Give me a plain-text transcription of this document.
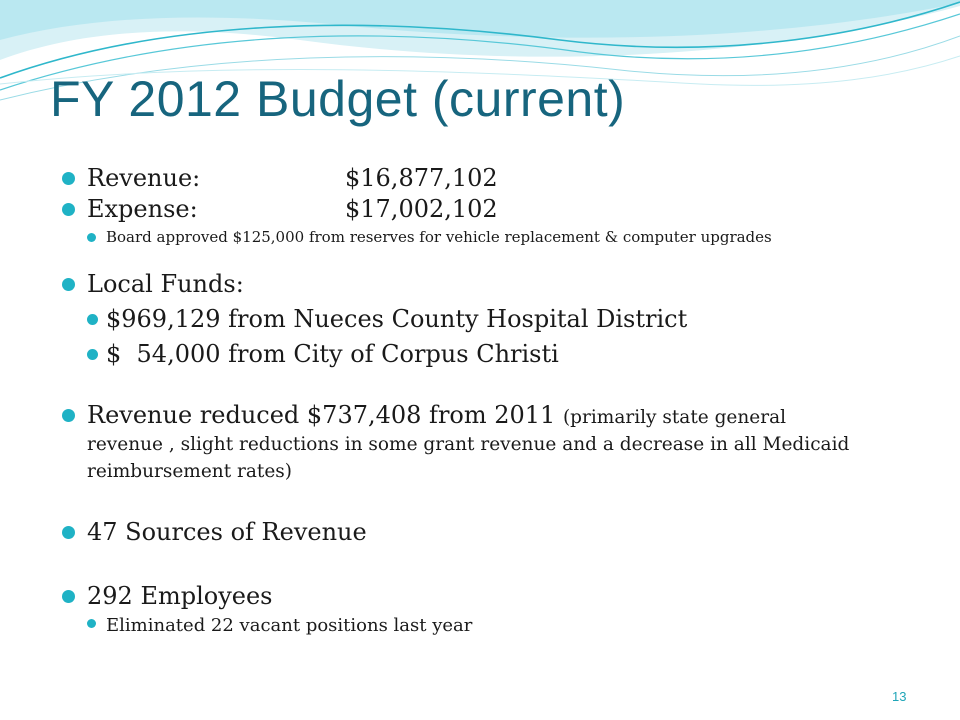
FY 2012 Budget (current)
Revenue:	$16,877,102
Expense:	$17,002,102
Board approved $125,000 from reserves for vehicle replacement & computer upgrades
Local Funds:
$969,129 from Nueces County Hospital District
$  54,000 from City of Corpus Christi
Revenue reduced $737,408 from 2011 (primarily state general revenue , slight reductions in some grant revenue and a decrease in all Medicaid reimbursement rates)
47 Sources of Revenue
292 Employees
Eliminated 22 vacant positions last year
13
